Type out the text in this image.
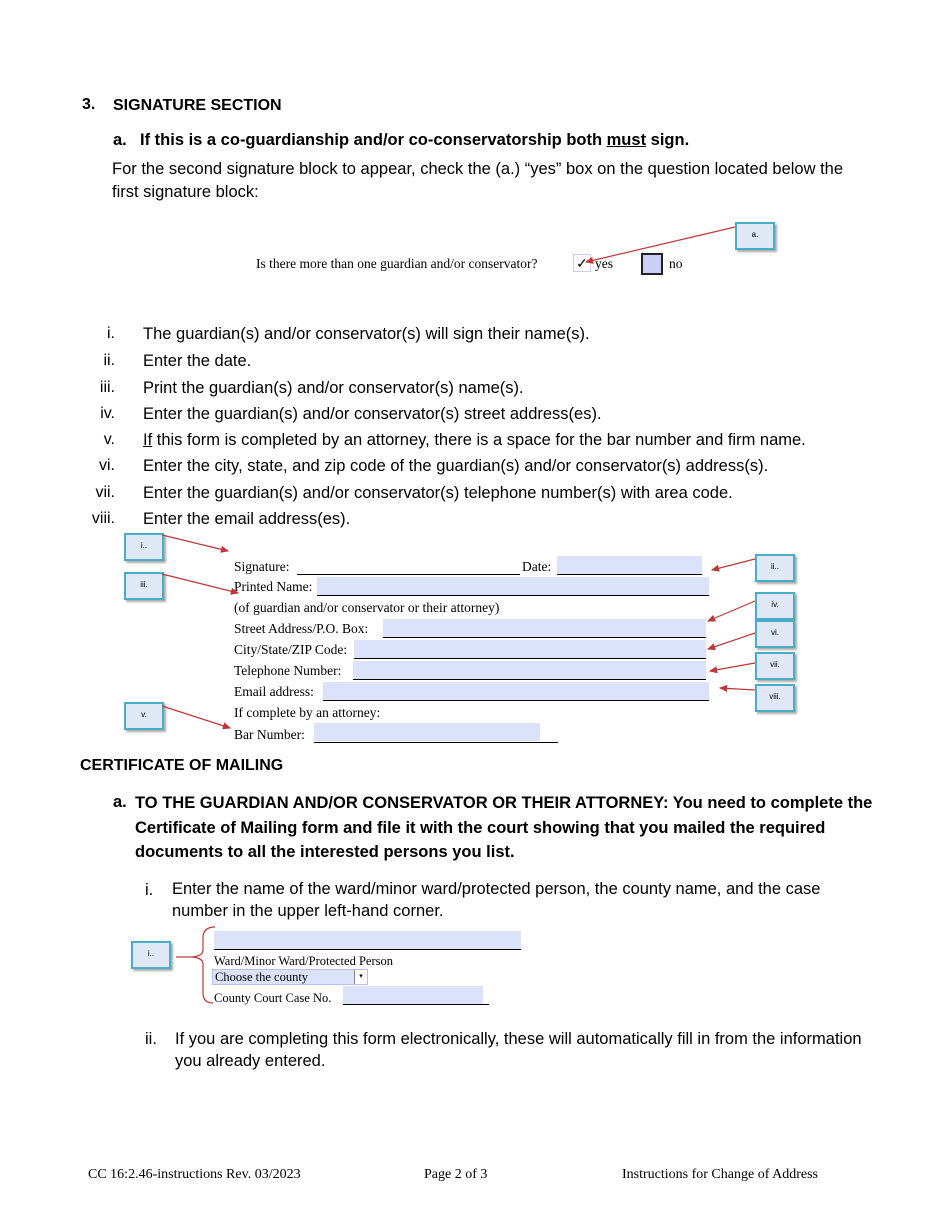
3. SIGNATURE SECTION
a. If this is a co-guardianship and/or co-conservatorship both must sign.
For the second signature block to appear, check the (a.) “yes” box on the question located below the first signature block:
Is there more than one guardian and/or conservator?	✓ yes	no
a.
i. The guardian(s) and/or conservator(s) will sign their name(s).
ii. Enter the date.
iii. Print the guardian(s) and/or conservator(s) name(s).
iv. Enter the guardian(s) and/or conservator(s) street address(es).
v. If this form is completed by an attorney, there is a space for the bar number and firm name.
vi. Enter the city, state, and zip code of the guardian(s) and/or conservator(s) address(s).
vii. Enter the guardian(s) and/or conservator(s) telephone number(s) with area code.
viii. Enter the email address(es).
Signature:	Date:
Printed Name:
(of guardian and/or conservator or their attorney)
Street Address/P.O. Box:
City/State/ZIP Code:
Telephone Number:
Email address:
If complete by an attorney:
Bar Number:
i..
iii.
v.
ii..
iv.
vi.
vii.
viii.
CERTIFICATE OF MAILING
a. TO THE GUARDIAN AND/OR CONSERVATOR OR THEIR ATTORNEY: You need to complete the Certificate of Mailing form and file it with the court showing that you mailed the required documents to all the interested persons you list.
i. Enter the name of the ward/minor ward/protected person, the county name, and the case number in the upper left-hand corner.
Ward/Minor Ward/Protected Person
Choose the county	▾
County Court Case No.
i..
ii. If you are completing this form electronically, these will automatically fill in from the information you already entered.
CC 16:2.46-instructions Rev. 03/2023	Page 2 of 3	Instructions for Change of Address
